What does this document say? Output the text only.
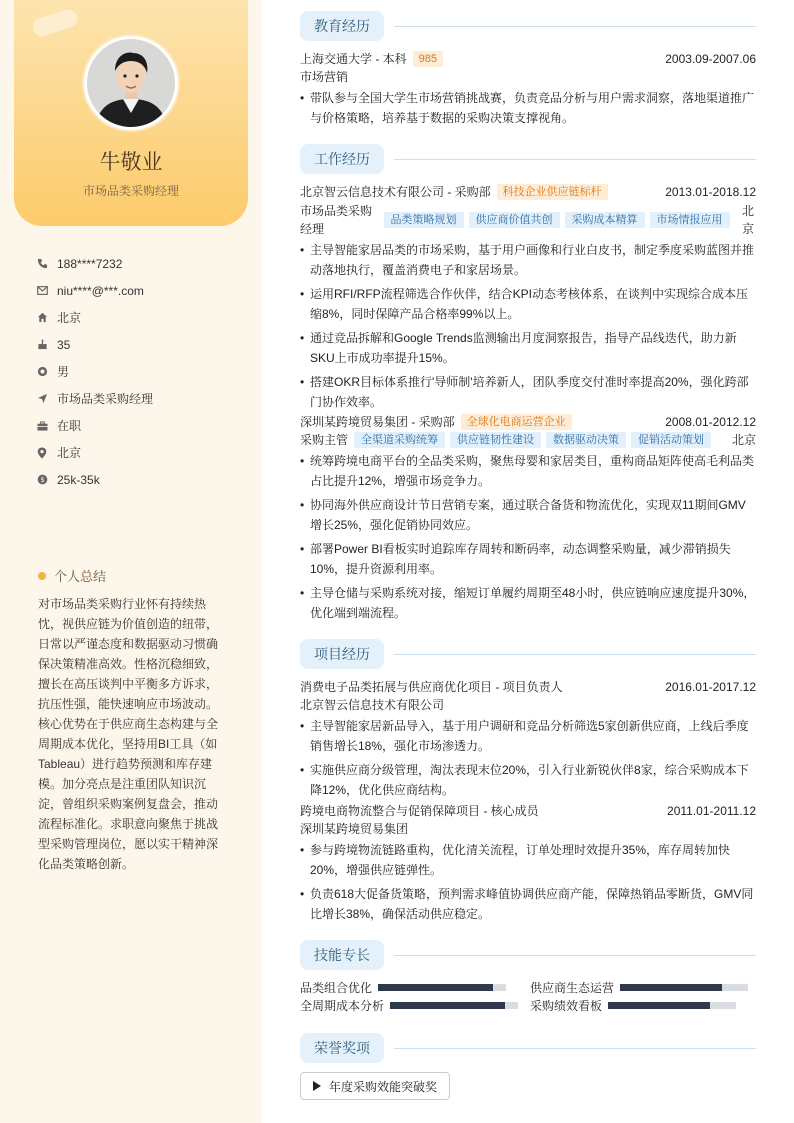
牛敬业
市场品类采购经理
188****7232
niu****@***.com
北京
35
男
市场品类采购经理
在职
北京
$ 25k-35k
个人总结
对市场品类采购行业怀有持续热忱，视供应链为价值创造的纽带，日常以严谨态度和数据驱动习惯确保决策精准高效。性格沉稳细致，擅长在高压谈判中平衡多方诉求，抗压性强，能快速响应市场波动。核心优势在于供应商生态构建与全周期成本优化，坚持用BI工具（如Tableau）进行趋势预测和库存建模。加分亮点是注重团队知识沉淀，曾组织采购案例复盘会，推动流程标准化。求职意向聚焦于挑战型采购管理岗位，愿以实干精神深化品类策略创新。
教育经历
上海交通大学 - 本科	985	2003.09-2007.06
市场营销
• 带队参与全国大学生市场营销挑战赛，负责竞品分析与用户需求洞察，落地渠道推广与价格策略，培养基于数据的采购决策支撑视角。
工作经历
北京智云信息技术有限公司 - 采购部	科技企业供应链标杆	2013.01-2018.12
市场品类采购经理
品类策略规划	供应商价值共创	采购成本精算	市场情报应用
北京
• 主导智能家居品类的市场采购，基于用户画像和行业白皮书，制定季度采购蓝图并推动落地执行，覆盖消费电子和家居场景。
• 运用RFI/RFP流程筛选合作伙伴，结合KPI动态考核体系，在谈判中实现综合成本压缩8%，同时保障产品合格率99%以上。
• 通过竞品拆解和Google Trends监测输出月度洞察报告，指导产品线迭代，助力新SKU上市成功率提升15%。
• 搭建OKR目标体系推行'导师制'培养新人，团队季度交付准时率提高20%，强化跨部门协作效率。
深圳某跨境贸易集团 - 采购部	全球化电商运营企业	2008.01-2012.12
采购主管	全渠道采购统筹	供应链韧性建设	数据驱动决策	促销活动策划	北京
• 统筹跨境电商平台的全品类采购，聚焦母婴和家居类目，重构商品矩阵使高毛利品类占比提升12%，增强市场竞争力。
• 协同海外供应商设计节日营销专案，通过联合备货和物流优化，实现双11期间GMV增长25%，强化促销协同效应。
• 部署Power BI看板实时追踪库存周转和断码率，动态调整采购量，减少滞销损失10%，提升资源利用率。
• 主导仓储与采购系统对接，缩短订单履约周期至48小时，供应链响应速度提升30%，优化端到端流程。
项目经历
消费电子品类拓展与供应商优化项目 - 项目负责人	2016.01-2017.12
北京智云信息技术有限公司
• 主导智能家居新品导入，基于用户调研和竞品分析筛选5家创新供应商，上线后季度销售增长18%，强化市场渗透力。
• 实施供应商分级管理，淘汰表现末位20%，引入行业新锐伙伴8家，综合采购成本下降12%，优化供应商结构。
跨境电商物流整合与促销保障项目 - 核心成员	2011.01-2011.12
深圳某跨境贸易集团
• 参与跨境物流链路重构，优化清关流程，订单处理时效提升35%，库存周转加快20%，增强供应链弹性。
• 负责618大促备货策略，预判需求峰值协调供应商产能，保障热销品零断货，GMV同比增长38%，确保活动供应稳定。
技能专长
品类组合优化	供应商生态运营
全周期成本分析	采购绩效看板
荣誉奖项
年度采购效能突破奖
